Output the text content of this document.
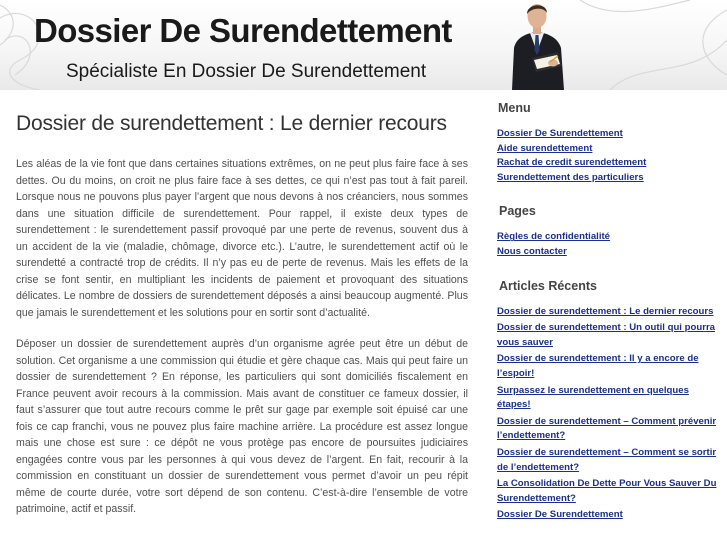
Dossier De Surendettement
Spécialiste En Dossier De Surendettement
Dossier de surendettement : Le dernier recours

Les aléas de la vie font que dans certaines situations extrêmes, on ne peut plus faire face à ses dettes. Ou du moins, on croit ne plus faire face à ses dettes, ce qui n’est pas tout à fait pareil. Lorsque nous ne pouvons plus payer l’argent que nous devons à nos créanciers, nous sommes dans une situation difficile de surendettement. Pour rappel, il existe deux types de surendettement : le surendettement passif provoqué par une perte de revenus, souvent dus à un accident de la vie (maladie, chômage, divorce etc.). L’autre, le surendettement actif où le surendetté a contracté trop de crédits. Il n’y pas eu de perte de revenus. Mais les effets de la crise se font sentir, en multipliant les incidents de paiement et provoquant des situations délicates. Le nombre de dossiers de surendettement déposés a ainsi beaucoup augmenté. Plus que jamais le surendettement et les solutions pour en sortir sont d’actualité.

Déposer un dossier de surendettement auprès d’un organisme agrée peut être un début de solution. Cet organisme a une commission qui étudie et gère chaque cas. Mais qui peut faire un dossier de surendettement ? En réponse, les particuliers qui sont domiciliés fiscalement en France peuvent avoir recours à la commission. Mais avant de constituer ce fameux dossier, il faut s’assurer que tout autre recours comme le prêt sur gage par exemple soit épuisé car une fois ce cap franchi, vous ne pouvez plus faire machine arrière. La procédure est assez longue mais une chose est sure : ce dépôt ne vous protège pas encore de poursuites judiciaires engagées contre vous par les personnes à qui vous devez de l’argent. En fait, recourir à la commission en constituant un dossier de surendettement vous permet d’avoir un peu répit même de courte durée, votre sort dépend de son contenu. C’est-à-dire l’ensemble de votre patrimoine, actif et passif.

Menu
Dossier De Surendettement
Aide surendettement
Rachat de credit surendettement
Surendettement des particuliers
Pages
Règles de confidentialité
Nous contacter
Articles Récents
Dossier de surendettement : Le dernier recours
Dossier de surendettement : Un outil qui pourra vous sauver
Dossier de surendettement : Il y a encore de l’espoir!
Surpassez le surendettement en quelques étapes!
Dossier de surendettement – Comment prévenir l’endettement?
Dossier de surendettement – Comment se sortir de l’endettement?
La Consolidation De Dette Pour Vous Sauver Du Surendettement?
Dossier De Surendettement
